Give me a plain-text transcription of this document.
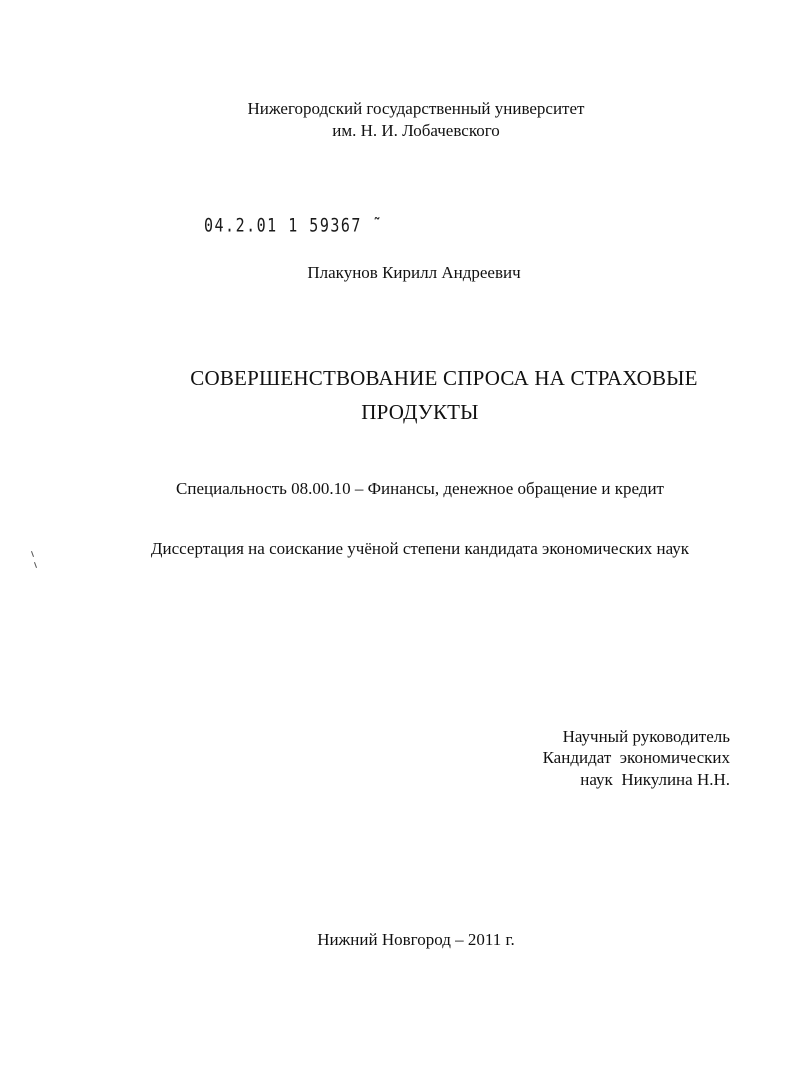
Нижегородский государственный университет
им. Н. И. Лобачевского
04.2.01 1 59367 ˜
Плакунов Кирилл Андреевич
СОВЕРШЕНСТВОВАНИЕ СПРОСА НА СТРАХОВЫЕ
ПРОДУКТЫ
Специальность 08.00.10 – Финансы, денежное обращение и кредит
Диссертация на соискание учёной степени кандидата экономических наук
Научный руководитель
Кандидат  экономических
наук  Никулина Н.Н.
Нижний Новгород – 2011 г.
